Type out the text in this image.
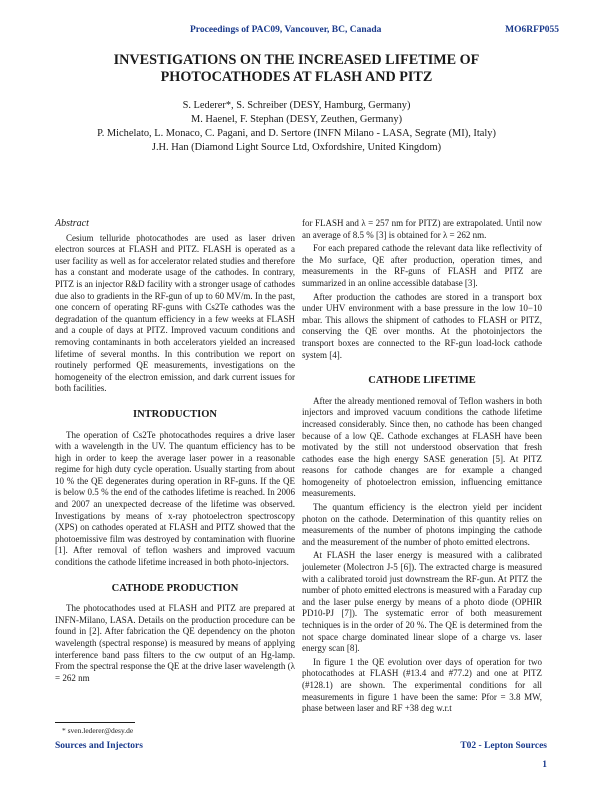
Proceedings of PAC09, Vancouver, BC, Canada	MO6RFP055
INVESTIGATIONS ON THE INCREASED LIFETIME OF
PHOTOCATHODES AT FLASH AND PITZ
S. Lederer*, S. Schreiber (DESY, Hamburg, Germany)
M. Haenel, F. Stephan (DESY, Zeuthen, Germany)
P. Michelato, L. Monaco, C. Pagani, and D. Sertore (INFN Milano - LASA, Segrate (MI), Italy)
J.H. Han (Diamond Light Source Ltd, Oxfordshire, United Kingdom)
Abstract

Cesium telluride photocathodes are used as laser driven electron sources at FLASH and PITZ. FLASH is operated as a user facility as well as for accelerator related studies and therefore has a constant and moderate usage of the cathodes. In contrary, PITZ is an injector R&D facility with a stronger usage of cathodes due also to gradients in the RF-gun of up to 60 MV/m. In the past, one concern of operating RF-guns with Cs2Te cathodes was the degradation of the quantum efficiency in a few weeks at FLASH and a couple of days at PITZ. Improved vacuum conditions and removing contaminants in both accelerators yielded an increased lifetime of several months. In this contribution we report on routinely performed QE measurements, investigations on the homogeneity of the electron emission, and dark current issues for both facilities.

INTRODUCTION

The operation of Cs2Te photocathodes requires a drive laser with a wavelength in the UV. The quantum efficiency has to be high in order to keep the average laser power in a reasonable regime for high duty cycle operation. Usually starting from about 10 % the QE degenerates during operation in RF-guns. If the QE is below 0.5 % the end of the cathodes lifetime is reached. In 2006 and 2007 an unexpected decrease of the lifetime was observed. Investigations by means of x-ray photoelectron spectroscopy (XPS) on cathodes operated at FLASH and PITZ showed that the photoemissive film was destroyed by contamination with fluorine [1]. After removal of teflon washers and improved vacuum conditions the cathode lifetime increased in both photo-injectors.

CATHODE PRODUCTION

The photocathodes used at FLASH and PITZ are prepared at INFN-Milano, LASA. Details on the production procedure can be found in [2]. After fabrication the QE dependency on the photon wavelength (spectral response) is measured by means of applying interference band pass filters to the cw output of an Hg-lamp. From the spectral response the QE at the drive laser wavelength (λ = 262 nm

for FLASH and λ = 257 nm for PITZ) are extrapolated. Until now an average of 8.5 % [3] is obtained for λ = 262 nm.

For each prepared cathode the relevant data like reflectivity of the Mo surface, QE after production, operation times, and measurements in the RF-guns of FLASH and PITZ are summarized in an online accessible database [3].

After production the cathodes are stored in a transport box under UHV environment with a base pressure in the low 10−10 mbar. This allows the shipment of cathodes to FLASH or PITZ, conserving the QE over months. At the photoinjectors the transport boxes are connected to the RF-gun load-lock cathode system [4].

CATHODE LIFETIME

After the already mentioned removal of Teflon washers in both injectors and improved vacuum conditions the cathode lifetime increased considerably. Since then, no cathode has been changed because of a low QE. Cathode exchanges at FLASH have been motivated by the still not understood observation that fresh cathodes ease the high energy SASE generation [5]. At PITZ reasons for cathode changes are for example a changed homogeneity of photoelectron emission, influencing emittance measurements.

The quantum efficiency is the electron yield per incident photon on the cathode. Determination of this quantity relies on measurements of the number of photons impinging the cathode and the measurement of the number of photo emitted electrons.

At FLASH the laser energy is measured with a calibrated joulemeter (Molectron J-5 [6]). The extracted charge is measured with a calibrated toroid just downstream the RF-gun. At PITZ the number of photo emitted electrons is measured with a Faraday cup and the laser pulse energy by means of a photo diode (OPHIR PD10-PJ [7]). The systematic error of both measurement techniques is in the order of 20 %. The QE is determined from the not space charge dominated linear slope of a charge vs. laser energy scan [8].

In figure 1 the QE evolution over days of operation for two photocathodes at FLASH (#13.4 and #77.2) and one at PITZ (#128.1) are shown. The experimental conditions for all measurements in figure 1 have been the same: Pfor = 3.8 MW, phase between laser and RF +38 deg w.r.t

* sven.lederer@desy.de
Sources and Injectors	T02 - Lepton Sources
1
